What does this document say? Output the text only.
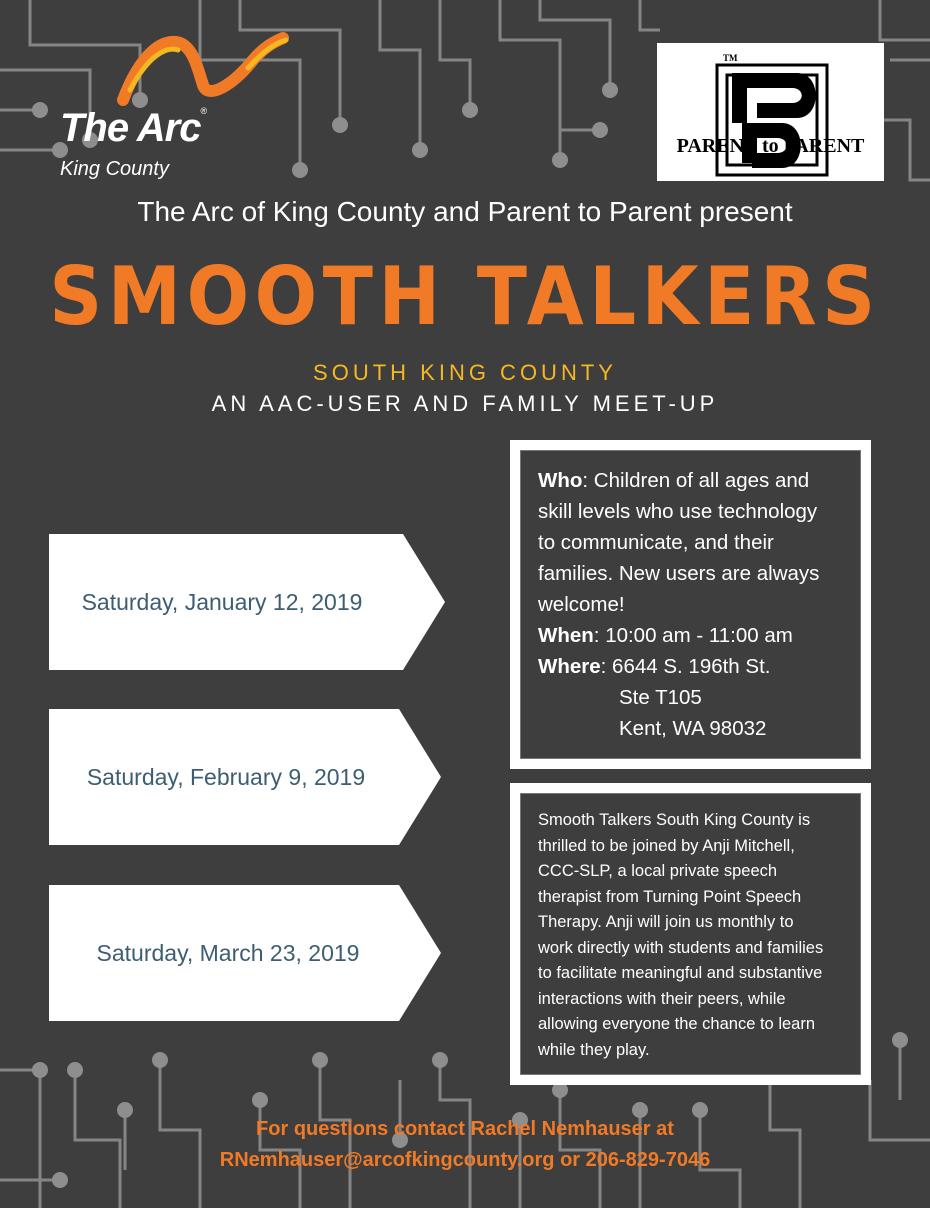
The Arc®
King County
TM
PARENT to PARENT
The Arc of King County and Parent to Parent present
SMOOTH TALKERS
SOUTH KING COUNTY
AN AAC-USER AND FAMILY MEET-UP
Saturday, January 12, 2019
Saturday, February 9, 2019
Saturday, March 23, 2019
Who: Children of all ages and
skill levels who use technology
to communicate, and their
families. New users are always
welcome!
When: 10:00 am - 11:00 am
Where: 6644 S. 196th St.
Ste T105
Kent, WA 98032
Smooth Talkers South King County is
thrilled to be joined by Anji Mitchell,
CCC-SLP, a local private speech
therapist from Turning Point Speech
Therapy. Anji will join us monthly to
work directly with students and families
to facilitate meaningful and substantive
interactions with their peers, while
allowing everyone the chance to learn
while they play.
For questions contact Rachel Nemhauser at
RNemhauser@arcofkingcounty.org or 206-829-7046
